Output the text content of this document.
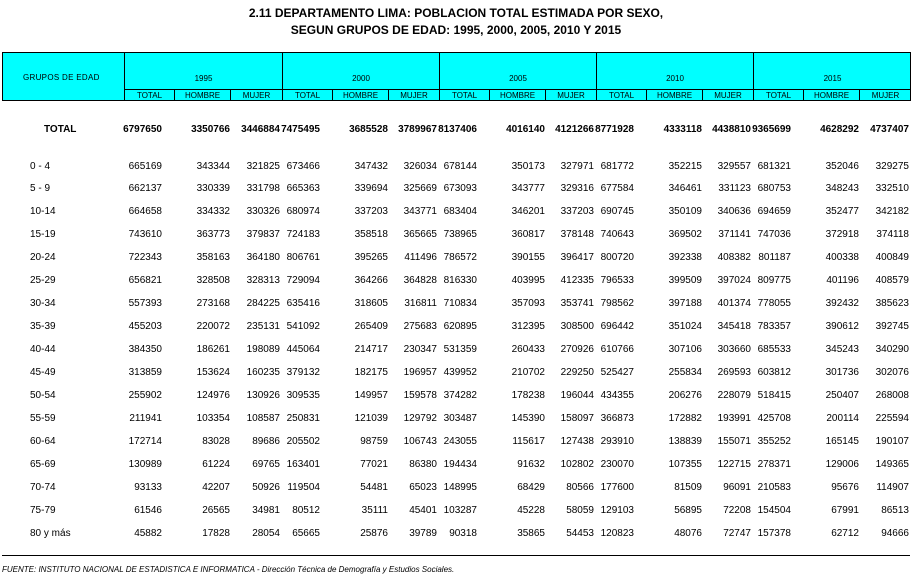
2.11 DEPARTAMENTO LIMA: POBLACION TOTAL ESTIMADA POR SEXO,
SEGUN GRUPOS DE EDAD: 1995, 2000, 2005, 2010 Y 2015
GRUPOS DE EDAD	1995
TOTAL	HOMBRE	MUJER
2000
TOTAL	HOMBRE	MUJER
2005
TOTAL	HOMBRE	MUJER
2010
TOTAL	HOMBRE	MUJER
2015
TOTAL	HOMBRE	MUJER
TOTAL	6797650	3350766	3446884 7475495	3685528	3789967 8137406	4016140	4121266 8771928	4333118	4438810 9365699	4628292	4737407
0 - 4	665169	343344	321825 673466	347432	326034 678144	350173	327971 681772	352215	329557 681321	352046	329275
5 - 9	662137	330339	331798 665363	339694	325669 673093	343777	329316 677584	346461	331123 680753	348243	332510
10-14	664658	334332	330326 680974	337203	343771 683404	346201	337203 690745	350109	340636 694659	352477	342182
15-19	743610	363773	379837 724183	358518	365665 738965	360817	378148 740643	369502	371141 747036	372918	374118
20-24	722343	358163	364180 806761	395265	411496 786572	390155	396417 800720	392338	408382 801187	400338	400849
25-29	656821	328508	328313 729094	364266	364828 816330	403995	412335 796533	399509	397024 809775	401196	408579
30-34	557393	273168	284225 635416	318605	316811 710834	357093	353741 798562	397188	401374 778055	392432	385623
35-39	455203	220072	235131 541092	265409	275683 620895	312395	308500 696442	351024	345418 783357	390612	392745
40-44	384350	186261	198089 445064	214717	230347 531359	260433	270926 610766	307106	303660 685533	345243	340290
45-49	313859	153624	160235 379132	182175	196957 439952	210702	229250 525427	255834	269593 603812	301736	302076
50-54	255902	124976	130926 309535	149957	159578 374282	178238	196044 434355	206276	228079 518415	250407	268008
55-59	211941	103354	108587 250831	121039	129792 303487	145390	158097 366873	172882	193991 425708	200114	225594
60-64	172714	83028	89686 205502	98759	106743 243055	115617	127438 293910	138839	155071 355252	165145	190107
65-69	130989	61224	69765 163401	77021	86380 194434	91632	102802 230070	107355	122715 278371	129006	149365
70-74	93133	42207	50926 119504	54481	65023 148995	68429	80566 177600	81509	96091 210583	95676	114907
75-79	61546	26565	34981	80512	35111	45401 103287	45228	58059 129103	56895	72208 154504	67991	86513
80 y más	45882	17828	28054	65665	25876	39789	90318	35865	54453 120823	48076	72747 157378	62712	94666
FUENTE: INSTITUTO NACIONAL DE ESTADISTICA E INFORMATICA - Dirección Técnica de Demografía y Estudios Sociales.
